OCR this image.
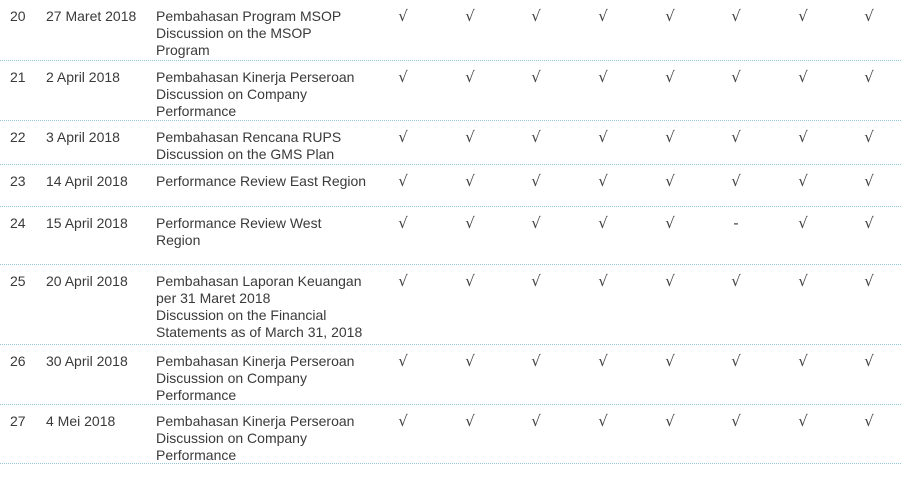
20 27 Maret 2018 Pembahasan Program MSOP
Discussion on the MSOP
Program
√	√	√	√	√	√	√	√
21 2 April 2018	Pembahasan Kinerja Perseroan
Discussion on Company
Performance
√	√	√	√	√	√	√	√
22 3 April 2018	Pembahasan Rencana RUPS
Discussion on the GMS Plan
√	√	√	√	√	√	√	√
23 14 April 2018 Performance Review East Region	√	√	√	√	√	√	√	√
24 15 April 2018 Performance Review West
Region
√	√	√	√	√	-	√	√
25 20 April 2018 Pembahasan Laporan Keuangan
per 31 Maret 2018
Discussion on the Financial
Statements as of March 31, 2018
√	√	√	√	√	√	√	√
26 30 April 2018 Pembahasan Kinerja Perseroan
Discussion on Company
Performance
√	√	√	√	√	√	√	√
27 4 Mei 2018	Pembahasan Kinerja Perseroan
Discussion on Company
Performance
√	√	√	√	√	√	√	√
